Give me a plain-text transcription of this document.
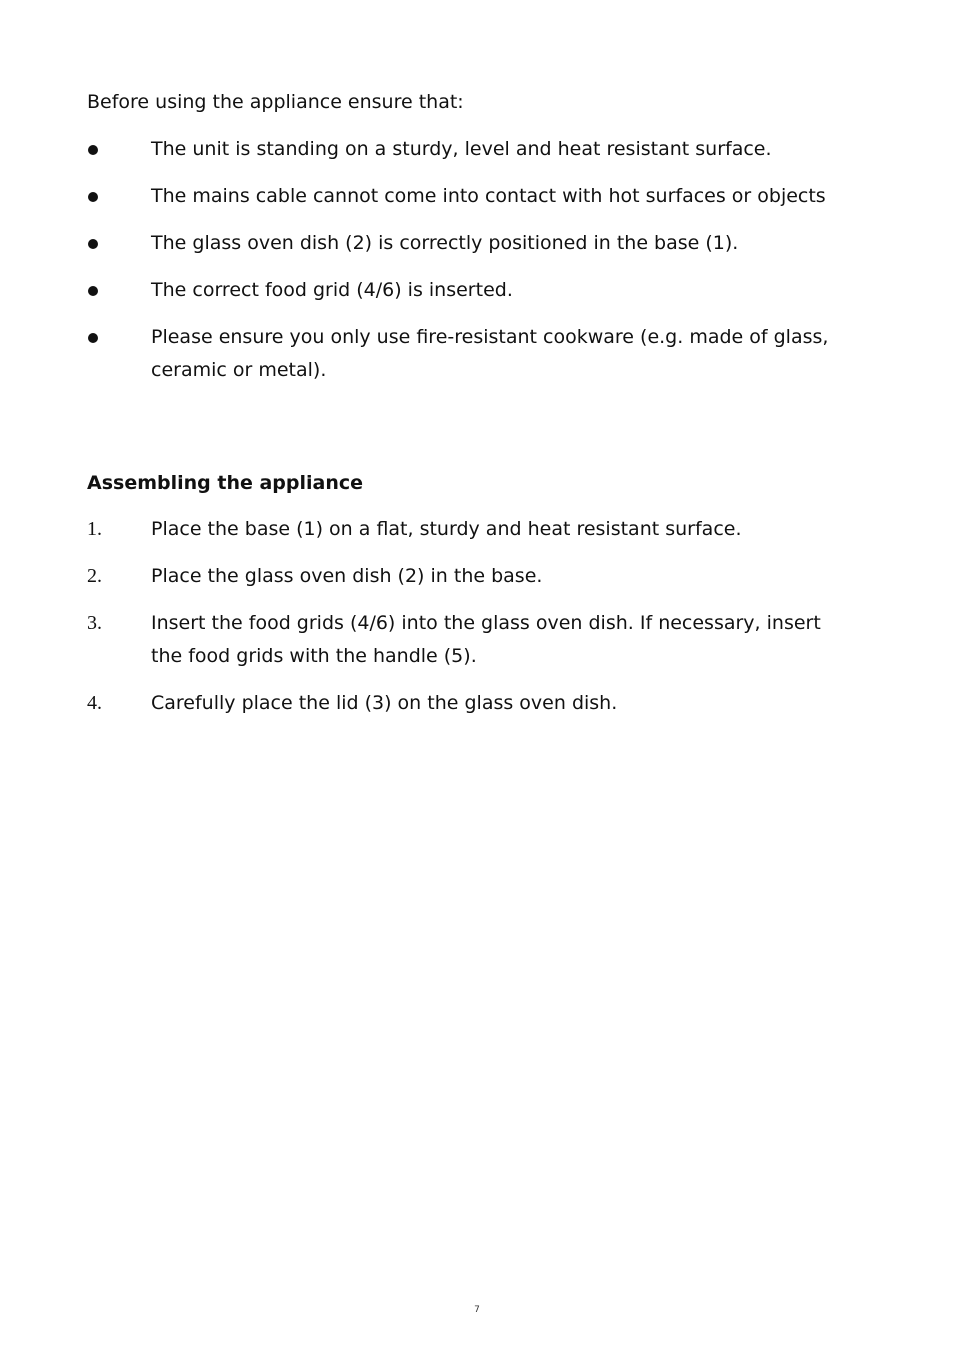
Before using the appliance ensure that:
The unit is standing on a sturdy, level and heat resistant surface.
The mains cable cannot come into contact with hot surfaces or objects
The glass oven dish (2) is correctly positioned in the base (1).
The correct food grid (4/6) is inserted.
Please ensure you only use fire-resistant cookware (e.g. made of glass, ceramic or metal).
Assembling the appliance
1.	Place the base (1) on a flat, sturdy and heat resistant surface.
2.	Place the glass oven dish (2) in the base.
3.	Insert the food grids (4/6) into the glass oven dish. If necessary, insert the food grids with the handle (5).
4.	Carefully place the lid (3) on the glass oven dish.
7
